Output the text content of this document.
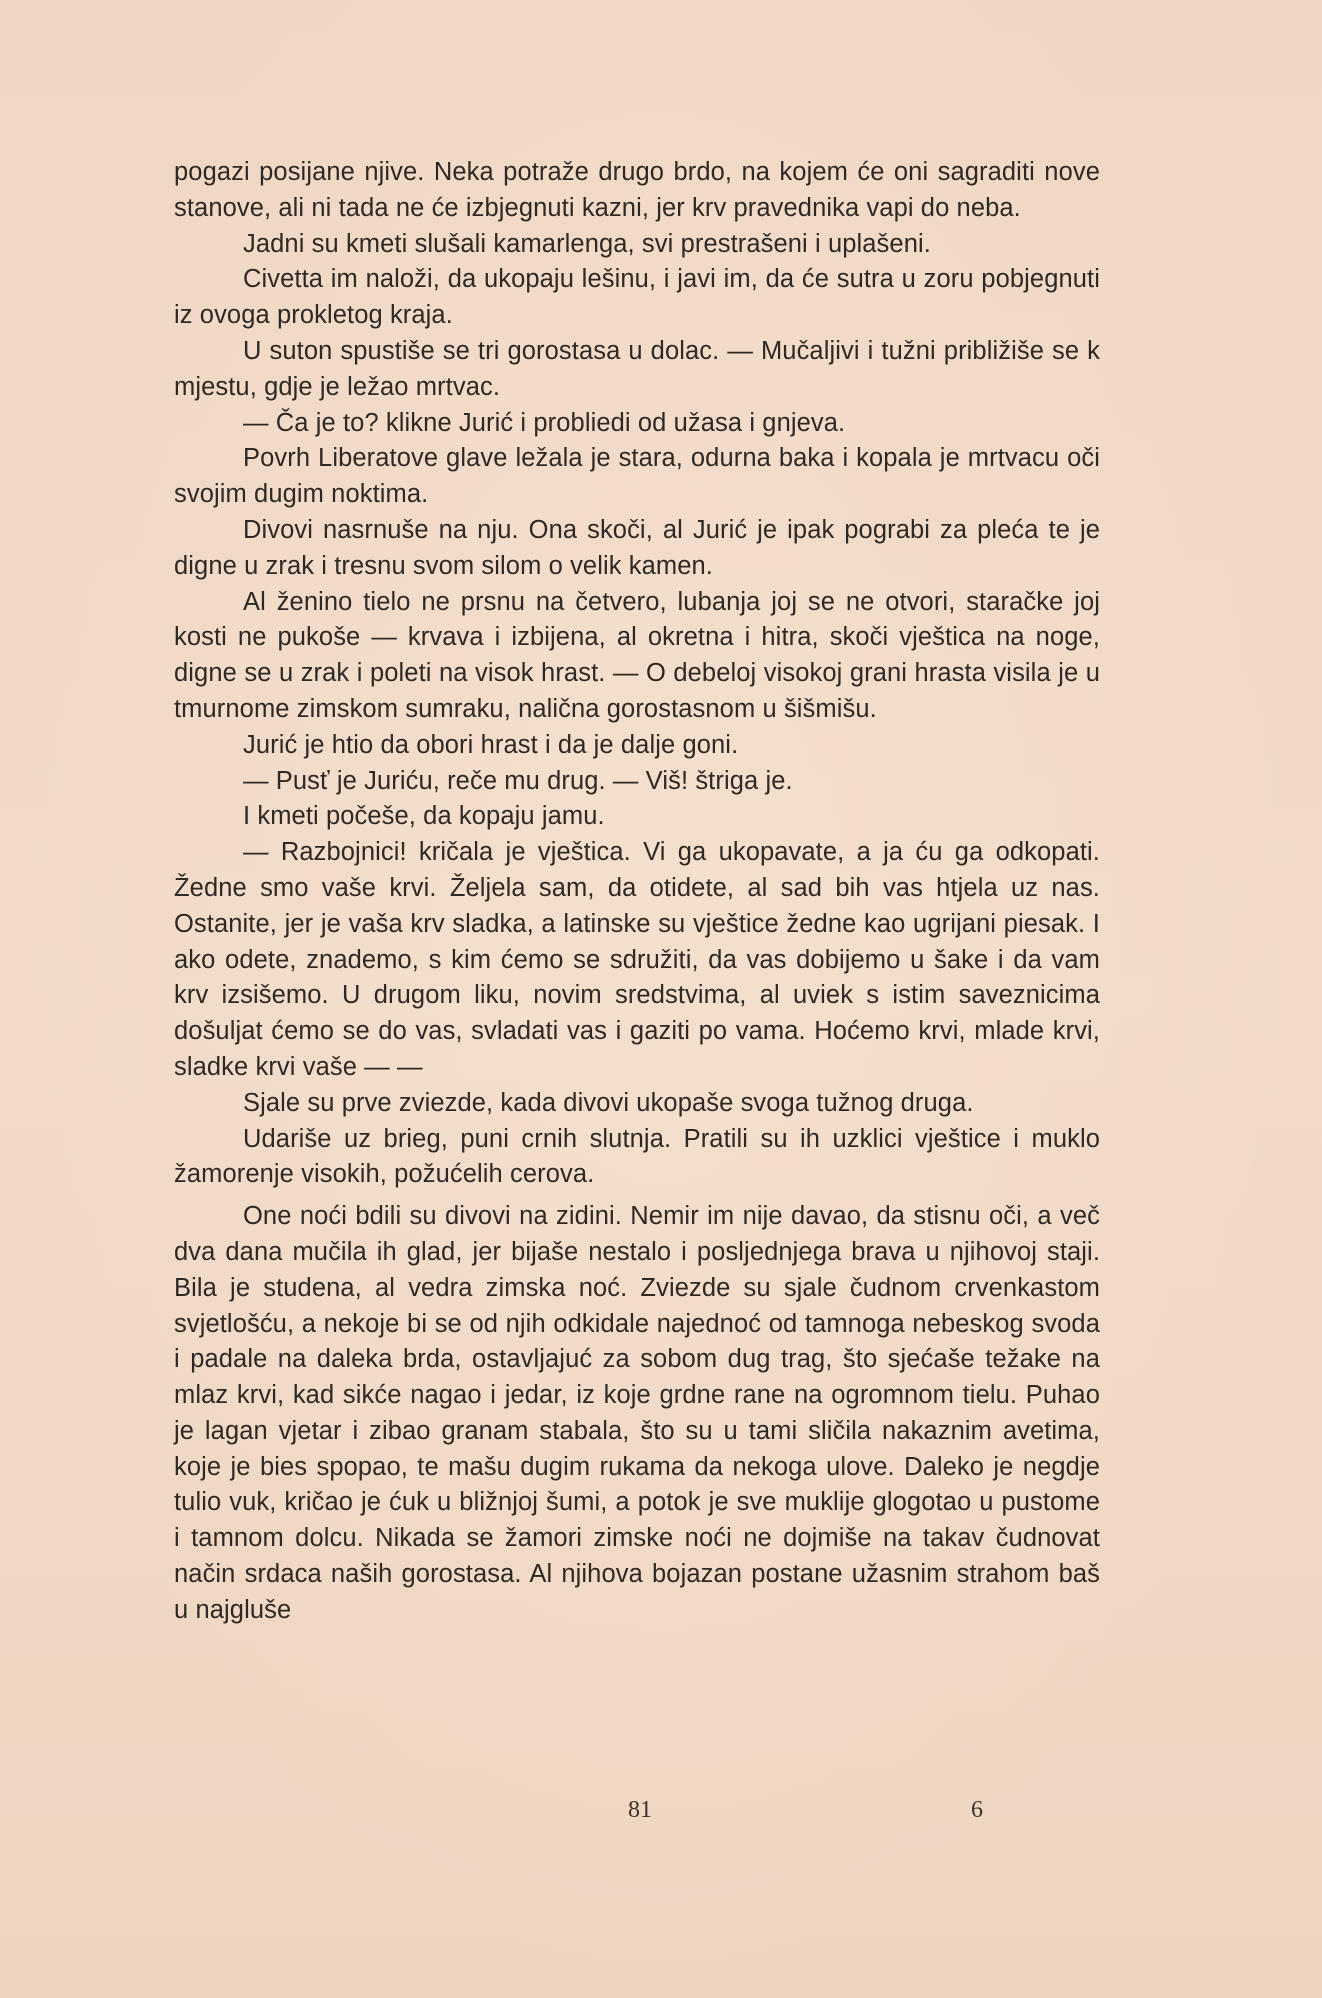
pogazi posijane njive. Neka potraže drugo brdo, na kojem će oni sagraditi nove stanove, ali ni tada ne će izbjegnuti kazni, jer krv pravednika vapi do neba.

Jadni su kmeti slušali kamarlenga, svi prestrašeni i uplašeni.

Civetta im naloži, da ukopaju lešinu, i javi im, da će sutra u zoru pobjegnuti iz ovoga prokletog kraja.

U suton spustiše se tri gorostasa u dolac. — Mučaljivi i tužni približiše se k mjestu, gdje je ležao mrtvac.

— Ča je to? klikne Jurić i probliedi od užasa i gnjeva.

Povrh Liberatove glave ležala je stara, odurna baka i kopala je mrtvacu oči svojim dugim noktima.

Divovi nasrnuše na nju. Ona skoči, al Jurić je ipak pograbi za pleća te je digne u zrak i tresnu svom silom o velik kamen.

Al ženino tielo ne prsnu na četvero, lubanja joj se ne otvori, staračke joj kosti ne pukoše — krvava i izbijena, al okretna i hitra, skoči vještica na noge, digne se u zrak i poleti na visok hrast. — O debeloj visokoj grani hrasta visila je u tmurnome zimskom sumraku, nalična gorostasnom u šišmišu.

Jurić je htio da obori hrast i da je dalje goni.

— Pusť je Juriću, reče mu drug. — Viš! štriga je.

I kmeti počeše, da kopaju jamu.

— Razbojnici! kričala je vještica. Vi ga ukopavate, a ja ću ga odkopati. Žedne smo vaše krvi. Željela sam, da otidete, al sad bih vas htjela uz nas. Ostanite, jer je vaša krv sladka, a latinske su vještice žedne kao ugrijani piesak. I ako odete, znademo, s kim ćemo se sdružiti, da vas dobijemo u šake i da vam krv izsišemo. U drugom liku, novim sredstvima, al uviek s istim saveznicima došuljat ćemo se do vas, svladati vas i gaziti po vama. Hoćemo krvi, mlade krvi, sladke krvi vaše — —

Sjale su prve zviezde, kada divovi ukopaše svoga tužnog druga.

Udariše uz brieg, puni crnih slutnja. Pratili su ih uzklici vještice i muklo žamorenje visokih, požućelih cerova.

One noći bdili su divovi na zidini. Nemir im nije davao, da stisnu oči, a več dva dana mučila ih glad, jer bijaše nestalo i posljednjega brava u njihovoj staji. Bila je studena, al vedra zimska noć. Zviezde su sjale čudnom crvenkastom svjetlošću, a nekoje bi se od njih odkidale najednoć od tamnoga nebeskog svoda i padale na daleka brda, ostavljajuć za sobom dug trag, što sjećaše težake na mlaz krvi, kad sikće nagao i jedar, iz koje grdne rane na ogromnom tielu. Puhao je lagan vjetar i zibao granam stabala, što su u tami sličila nakaznim avetima, koje je bies spopao, te mašu dugim rukama da nekoga ulove. Daleko je negdje tulio vuk, kričao je ćuk u bližnjoj šumi, a potok je sve muklije glogotao u pustome i tamnom dolcu. Nikada se žamori zimske noći ne dojmiše na takav čudnovat način srdaca naših gorostasa. Al njihova bojazan postane užasnim strahom baš u najgluše

81	6
